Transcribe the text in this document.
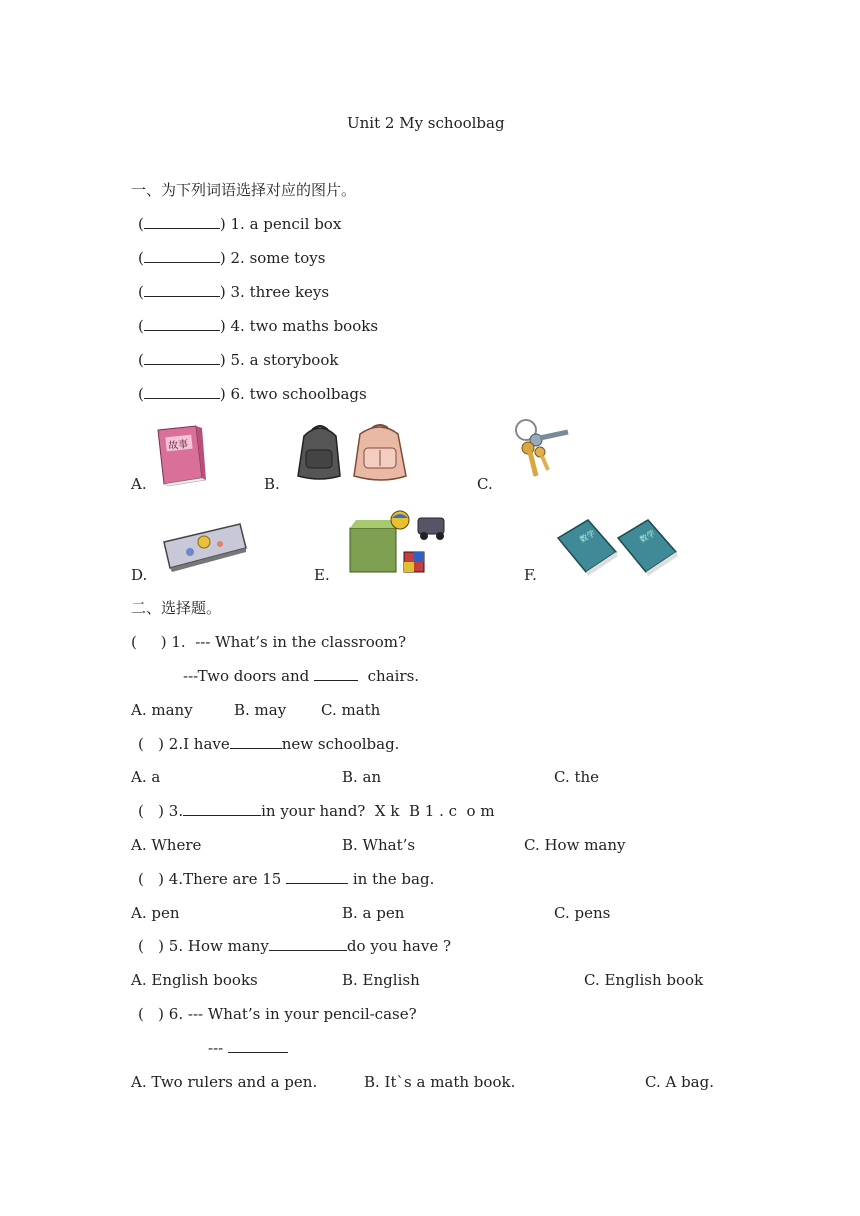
Unit 2 My schoolbag
一、为下列词语选择对应的图片。
(	) 1. a pencil box
(	) 2. some toys
(	) 3. three keys
(	) 4. two maths books
(	) 5. a storybook
(	) 6. two schoolbags
A.	B.	C.
D.	E.	F.
故事
数学	数学
二、选择题。
( ) 1. --- What’s in the classroom?
---Two doors and	chairs.
A. many	B. may C. math
( ) 2.I have	new schoolbag.
A. a	B. an	C. the
( ) 3.	in your hand? X k  B 1 . c  o m
A. Where	B. What’s	C. How many
( ) 4.There are 15	in the bag.
A. pen	B. a pen	C. pens
( ) 5. How many	do you have ?
A. English books	B. English	C. English book
( ) 6. --- What’s in your pencil-case?
---
A. Two rulers and a pen.	B. It`s a math book.	C. A bag.
